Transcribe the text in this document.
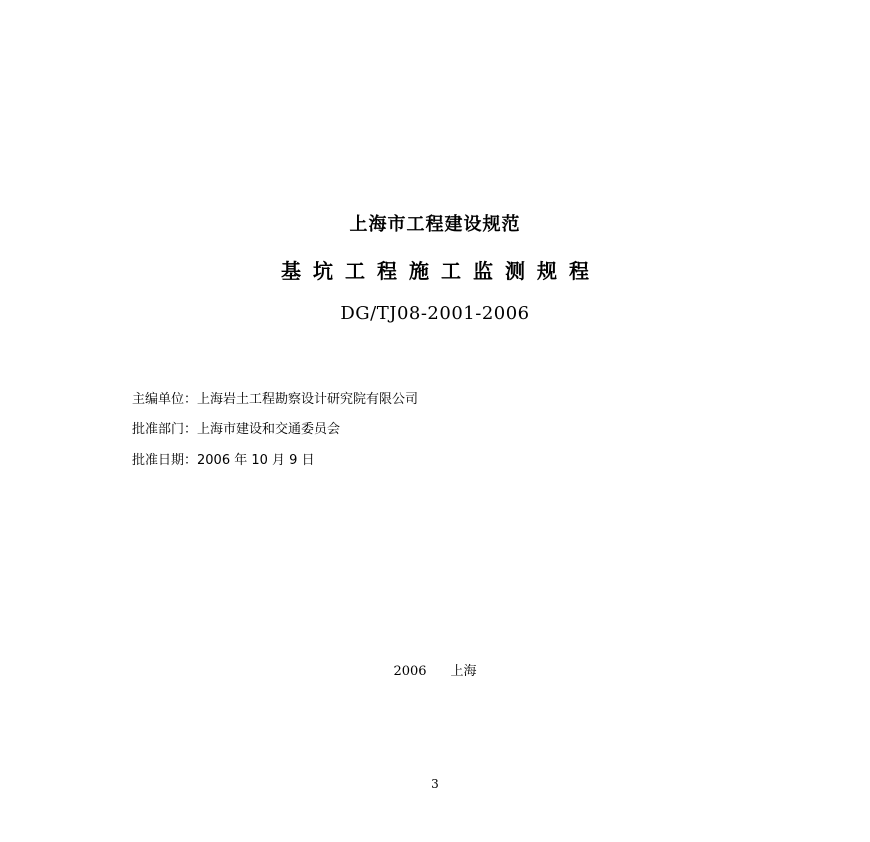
上海市工程建设规范
基坑工程施工监测规程
DG/TJ08-2001-2006
主编单位：上海岩土工程勘察设计研究院有限公司
批准部门：上海市建设和交通委员会
批准日期：2006 年 10 月 9 日
2006 上海
3
